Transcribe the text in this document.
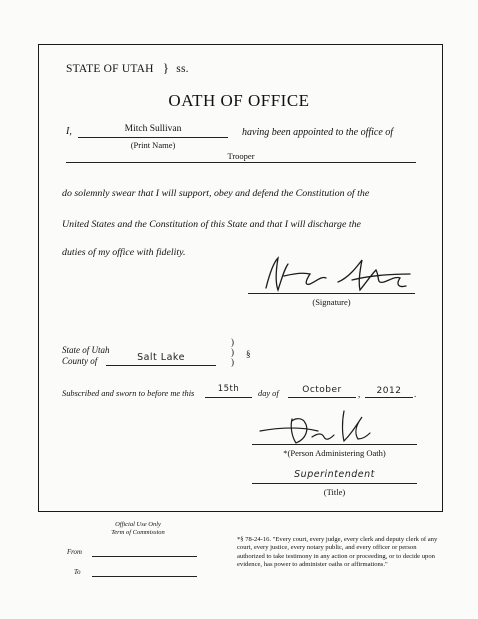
STATE OF UTAH } ss.
OATH OF OFFICE
I,	Mitch Sullivan
(Print Name)
having been appointed to the office of
Trooper
do solemnly swear that I will support, obey and defend the Constitution of the
United States and the Constitution of this State and that I will discharge the
duties of my office with fidelity.
(Signature)
State of Utah
County of	Salt Lake
)
)
)
§
Subscribed and sworn to before me this	15th	day of	October	,	2012	.
*(Person Administering Oath)
Superintendent
(Title)
Official Use Only
Term of Commission
From
To
*§ 78-24-16. "Every court, every judge, every clerk and deputy clerk of any court, every justice, every notary public, and every officer or person authorized to take testimony in any action or proceeding, or to decide upon evidence, has power to administer oaths or affirmations."
